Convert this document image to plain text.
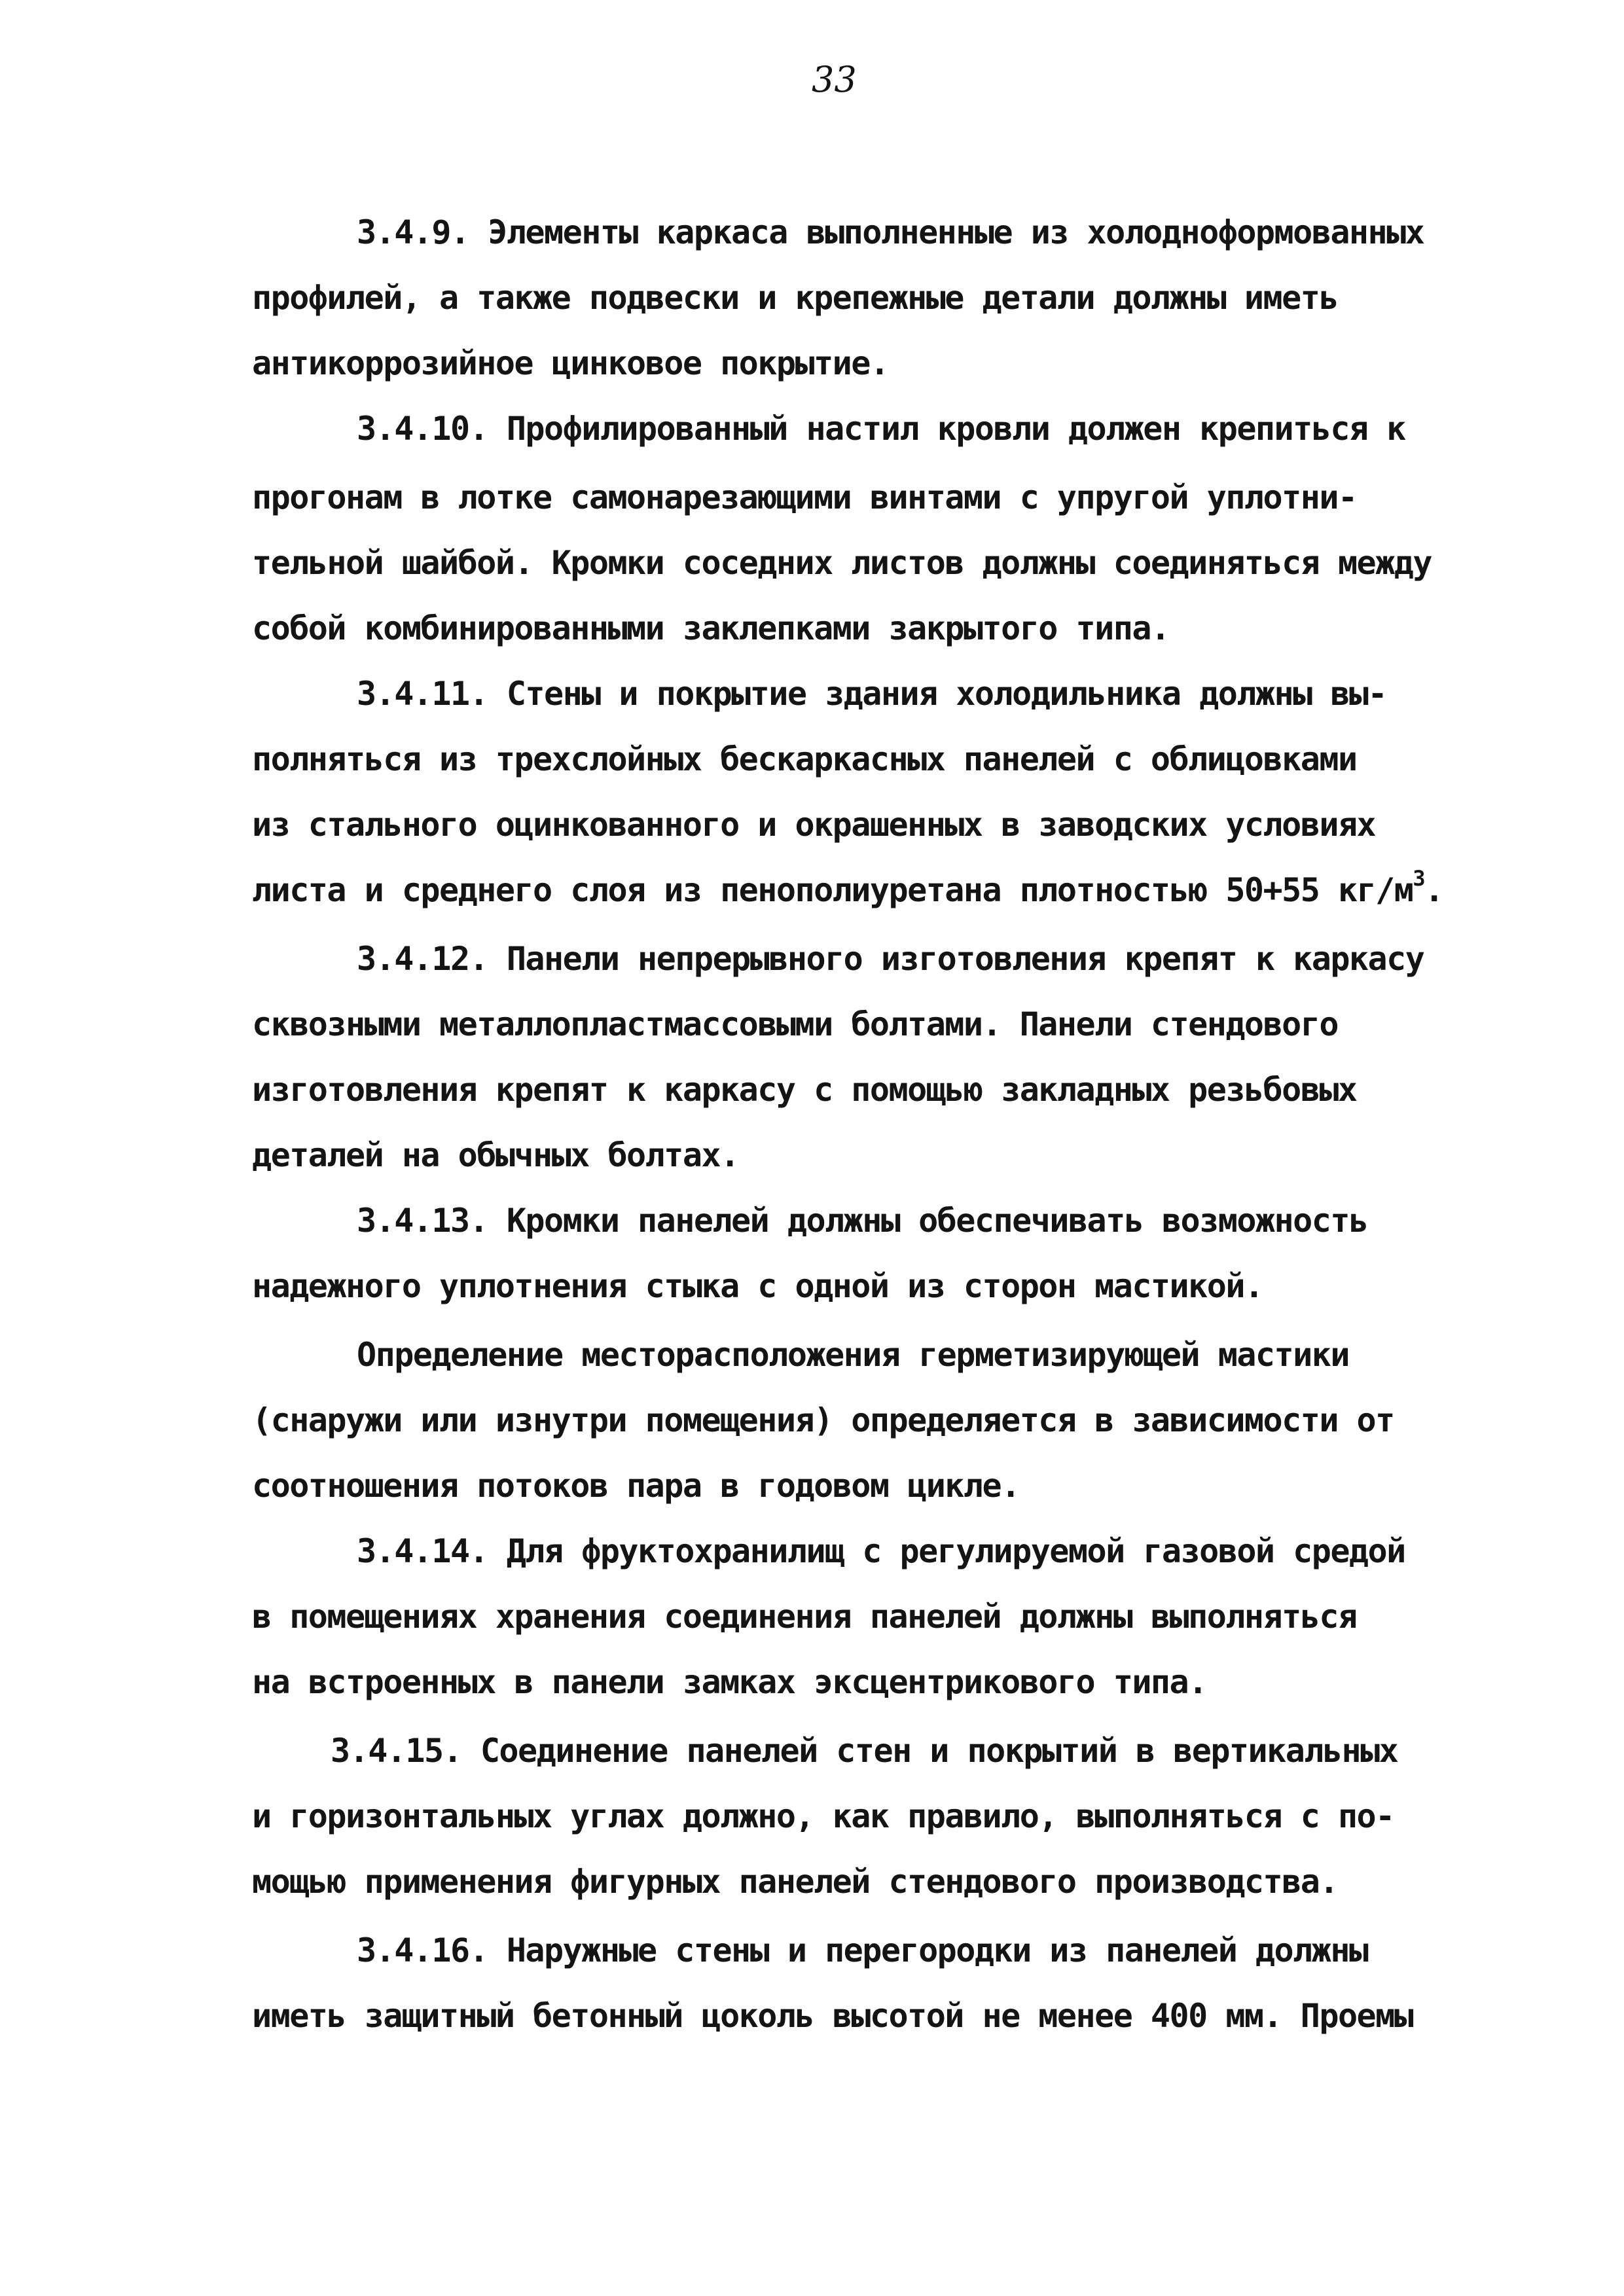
33
3.4.9. Элементы каркаса выполненные из холодноформованных
профилей, а также подвески и крепежные детали должны иметь
антикоррозийное цинковое покрытие.
3.4.10. Профилированный настил кровли должен крепиться к
прогонам в лотке самонарезающими винтами с упругой уплотни-
тельной шайбой. Кромки соседних листов должны соединяться между
собой комбинированными заклепками закрытого типа.
3.4.11. Стены и покрытие здания холодильника должны вы-
полняться из трехслойных бескаркасных панелей с облицовками
из стального оцинкованного и окрашенных в заводских условиях
листа и среднего слоя из пенополиуретана плотностью 50+55 $кг/м^3$.
3.4.12. Панели непрерывного изготовления крепят к каркасу
сквозными металлопластмассовыми болтами. Панели стендового
изготовления крепят к каркасу с помощью закладных резьбовых
деталей на обычных болтах.
3.4.13. Кромки панелей должны обеспечивать возможность
надежного уплотнения стыка с одной из сторон мастикой.
Определение месторасположения герметизирующей мастики
(снаружи или изнутри помещения) определяется в зависимости от
соотношения потоков пара в годовом цикле.
3.4.14. Для фруктохранилищ с регулируемой газовой средой
в помещениях хранения соединения панелей должны выполняться
на встроенных в панели замках эксцентрикового типа.
3.4.15. Соединение панелей стен и покрытий в вертикальных
и горизонтальных углах должно, как правило, выполняться с по-
мощью применения фигурных панелей стендового производства.
3.4.16. Наружные стены и перегородки из панелей должны
иметь защитный бетонный цоколь высотой не менее 400 мм. Проемы
